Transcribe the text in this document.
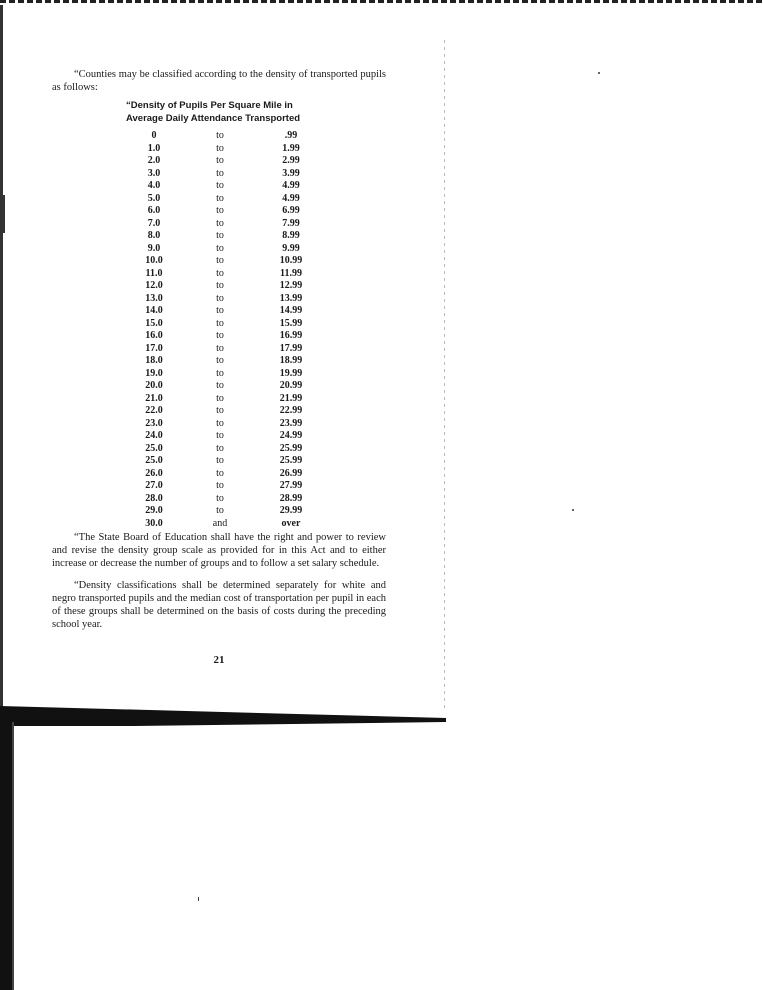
“Counties may be classified according to the density of transported pupils as follows:

“Density of Pupils Per Square Mile in
Average Daily Attendance Transported
0	to	.99
1.0	to	1.99
2.0	to	2.99
3.0	to	3.99
4.0	to	4.99
5.0	to	4.99
6.0	to	6.99
7.0	to	7.99
8.0	to	8.99
9.0	to	9.99
10.0	to	10.99
11.0	to	11.99
12.0	to	12.99
13.0	to	13.99
14.0	to	14.99
15.0	to	15.99
16.0	to	16.99
17.0	to	17.99
18.0	to	18.99
19.0	to	19.99
20.0	to	20.99
21.0	to	21.99
22.0	to	22.99
23.0	to	23.99
24.0	to	24.99
25.0	to	25.99
25.0	to	25.99
26.0	to	26.99
27.0	to	27.99
28.0	to	28.99
29.0	to	29.99
30.0	and	over

“The State Board of Education shall have the right and power to review and revise the density group scale as provided for in this Act and to either increase or decrease the number of groups and to follow a set salary schedule.

“Density classifications shall be determined separately for white and negro transported pupils and the median cost of transportation per pupil in each of these groups shall be determined on the basis of costs during the preceding school year.

21
